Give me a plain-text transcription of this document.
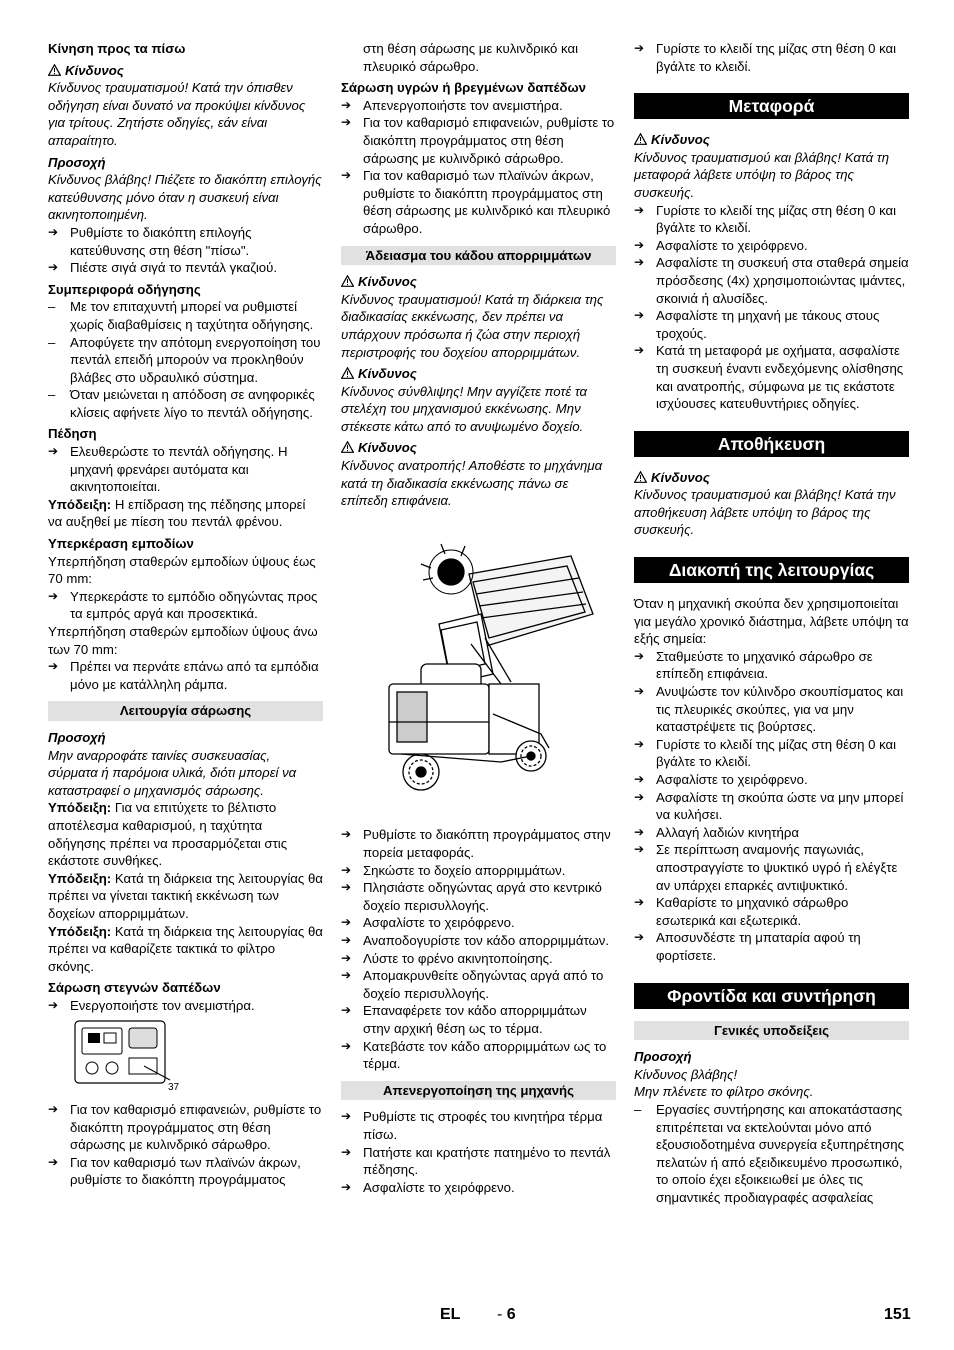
Κίνηση προς τα πίσω
Κίνδυνος
Κίνδυνος τραυματισμού! Κατά την όπισθεν οδήγηση είναι δυνατό να προκύψει κίνδυνος για τρίτους. Ζητήστε οδηγίες, εάν είναι απαραίτητο.
Προσοχή
Κίνδυνος βλάβης! Πιέζετε το διακόπτη επιλογής κατεύθυνσης μόνο όταν η συσκευή είναι ακινητοποιημένη.
➔ Ρυθμίστε το διακόπτη επιλογής κατεύθυνσης στη θέση "πίσω".
➔ Πιέστε σιγά σιγά το πεντάλ γκαζιού.
Συμπεριφορά οδήγησης
– Με τον επιταχυντή μπορεί να ρυθμιστεί χωρίς διαβαθμίσεις η ταχύτητα οδήγησης.
– Αποφύγετε την απότομη ενεργοποίηση του πεντάλ επειδή μπορούν να προκληθούν βλάβες στο υδραυλικό σύστημα.
– Όταν μειώνεται η απόδοση σε ανηφορικές κλίσεις αφήνετε λίγο το πεντάλ οδήγησης.
Πέδηση
➔ Ελευθερώστε το πεντάλ οδήγησης. Η μηχανή φρενάρει αυτόματα και ακινητοποιείται.
Υπόδειξη: Η επίδραση της πέδησης μπορεί να αυξηθεί με πίεση του πεντάλ φρένου.
Υπερκέραση εμποδίων
Υπερπήδηση σταθερών εμποδίων ύψους έως 70 mm:
➔ Υπερκεράστε το εμπόδιο οδηγώντας προς τα εμπρός αργά και προσεκτικά.
Υπερπήδηση σταθερών εμποδίων ύψους άνω των 70 mm:
➔ Πρέπει να περνάτε επάνω από τα εμπόδια μόνο με κατάλληλη ράμπα.
Λειτουργία σάρωσης
Προσοχή
Μην αναρροφάτε ταινίες συσκευασίας, σύρματα ή παρόμοια υλικά, διότι μπορεί να καταστραφεί ο μηχανισμός σάρωσης.
Υπόδειξη: Για να επιτύχετε το βέλτιστο αποτέλεσμα καθαρισμού, η ταχύτητα οδήγησης πρέπει να προσαρμόζεται στις εκάστοτε συνθήκες.
Υπόδειξη: Κατά τη διάρκεια της λειτουργίας θα πρέπει να γίνεται τακτική εκκένωση των δοχείων απορριμμάτων.
Υπόδειξη: Κατά τη διάρκεια της λειτουργίας θα πρέπει να καθαρίζετε τακτικά το φίλτρο σκόνης.
Σάρωση στεγνών δαπέδων
➔ Ενεργοποιήστε τον ανεμιστήρα.
37
➔ Για τον καθαρισμό επιφανειών, ρυθμίστε το διακόπτη προγράμματος στη θέση σάρωσης με κυλινδρικό σάρωθρο.
➔ Για τον καθαρισμό των πλαϊνών άκρων, ρυθμίστε το διακόπτη προγράμματος
στη θέση σάρωσης με κυλινδρικό και πλευρικό σάρωθρο.
Σάρωση υγρών ή βρεγμένων δαπέδων
➔ Απενεργοποιήστε τον ανεμιστήρα.
➔ Για τον καθαρισμό επιφανειών, ρυθμίστε το διακόπτη προγράμματος στη θέση σάρωσης με κυλινδρικό σάρωθρο.
➔ Για τον καθαρισμό των πλαϊνών άκρων, ρυθμίστε το διακόπτη προγράμματος στη θέση σάρωσης με κυλινδρικό και πλευρικό σάρωθρο.
Άδειασμα του κάδου απορριμμάτων
Κίνδυνος
Κίνδυνος τραυματισμού! Κατά τη διάρκεια της διαδικασίας εκκένωσης, δεν πρέπει να υπάρχουν πρόσωπα ή ζώα στην περιοχή περιστροφής του δοχείου απορριμμάτων.
Κίνδυνος
Κίνδυνος σύνθλιψης! Μην αγγίζετε ποτέ τα στελέχη του μηχανισμού εκκένωσης. Μην στέκεστε κάτω από το ανυψωμένο δοχείο.
Κίνδυνος
Κίνδυνος ανατροπής! Αποθέστε το μηχάνημα κατά τη διαδικασία εκκένωσης πάνω σε επίπεδη επιφάνεια.
➔ Ρυθμίστε το διακόπτη προγράμματος στην πορεία μεταφοράς.
➔ Σηκώστε το δοχείο απορριμμάτων.
➔ Πλησιάστε οδηγώντας αργά στο κεντρικό δοχείο περισυλλογής.
➔ Ασφαλίστε το χειρόφρενο.
➔ Αναποδογυρίστε τον κάδο απορριμμάτων.
➔ Λύστε το φρένο ακινητοποίησης.
➔ Απομακρυνθείτε οδηγώντας αργά από το δοχείο περισυλλογής.
➔ Επαναφέρετε τον κάδο απορριμμάτων στην αρχική θέση ως το τέρμα.
➔ Κατεβάστε τον κάδο απορριμμάτων ως το τέρμα.
Απενεργοποίηση της μηχανής
➔ Ρυθμίστε τις στροφές του κινητήρα τέρμα πίσω.
➔ Πατήστε και κρατήστε πατημένο το πεντάλ πέδησης.
➔ Ασφαλίστε το χειρόφρενο.
➔ Γυρίστε το κλειδί της μίζας στη θέση 0 και βγάλτε το κλειδί.
Μεταφορά
Κίνδυνος
Κίνδυνος τραυματισμού και βλάβης! Κατά τη μεταφορά λάβετε υπόψη το βάρος της συσκευής.
➔ Γυρίστε το κλειδί της μίζας στη θέση 0 και βγάλτε το κλειδί.
➔ Ασφαλίστε το χειρόφρενο.
➔ Ασφαλίστε τη συσκευή στα σταθερά σημεία πρόσδεσης (4x) χρησιμοποιώντας ιμάντες, σκοινιά ή αλυσίδες.
➔ Ασφαλίστε τη μηχανή με τάκους στους τροχούς.
➔ Κατά τη μεταφορά με οχήματα, ασφαλίστε τη συσκευή έναντι ενδεχόμενης ολίσθησης και ανατροπής, σύμφωνα με τις εκάστοτε ισχύουσες κατευθυντήριες οδηγίες.
Αποθήκευση
Κίνδυνος
Κίνδυνος τραυματισμού και βλάβης! Κατά την αποθήκευση λάβετε υπόψη το βάρος της συσκευής.
Διακοπή της λειτουργίας
Όταν η μηχανική σκούπα δεν χρησιμοποιείται για μεγάλο χρονικό διάστημα, λάβετε υπόψη τα εξής σημεία:
➔ Σταθμεύστε το μηχανικό σάρωθρο σε επίπεδη επιφάνεια.
➔ Ανυψώστε τον κύλινδρο σκουπίσματος και τις πλευρικές σκούπες, για να μην καταστρέψετε τις βούρτσες.
➔ Γυρίστε το κλειδί της μίζας στη θέση 0 και βγάλτε το κλειδί.
➔ Ασφαλίστε το χειρόφρενο.
➔ Ασφαλίστε τη σκούπα ώστε να μην μπορεί να κυλήσει.
➔ Αλλαγή λαδιών κινητήρα
➔ Σε περίπτωση αναμονής παγωνιάς, αποστραγγίστε το ψυκτικό υγρό ή ελέγξτε αν υπάρχει επαρκές αντιψυκτικό.
➔ Καθαρίστε το μηχανικό σάρωθρο εσωτερικά και εξωτερικά.
➔ Αποσυνδέστε τη μπαταρία αφού τη φορτίσετε.
Φροντίδα και συντήρηση
Γενικές υποδείξεις
Προσοχή
Κίνδυνος βλάβης!
Μην πλένετε το φίλτρο σκόνης.
– Εργασίες συντήρησης και αποκατάστασης επιτρέπεται να εκτελούνται μόνο από εξουσιοδοτημένα συνεργεία εξυπηρέτησης πελατών ή από εξειδικευμένο προσωπικό, το οποίο έχει εξοικειωθεί με όλες τις σημαντικές προδιαγραφές ασφαλείας
EL - 6	151
